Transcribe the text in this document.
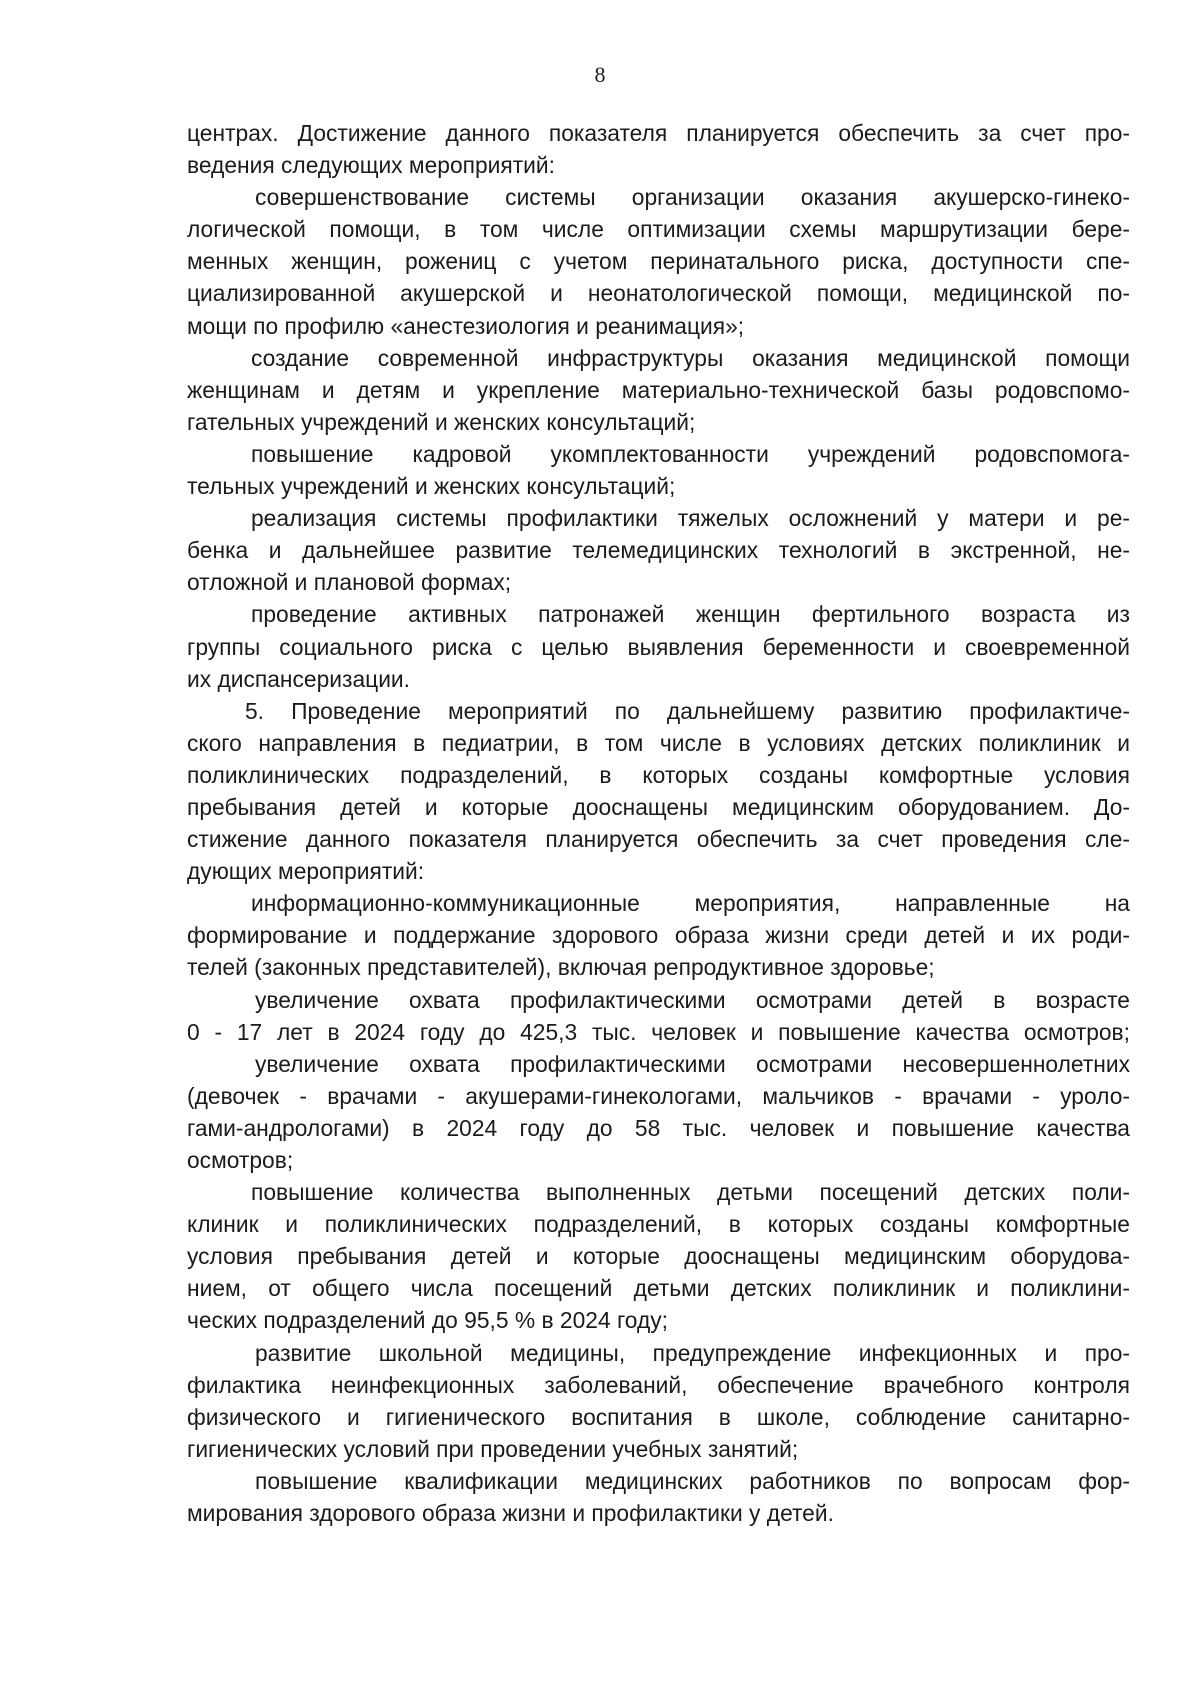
8
центрах. Достижение данного показателя планируется обеспечить за счет про-
ведения следующих мероприятий:
совершенствование системы организации оказания акушерско-гинеко-
логической помощи, в том числе оптимизации схемы маршрутизации бере-
менных женщин, рожениц с учетом перинатального риска, доступности спе-
циализированной акушерской и неонатологической помощи, медицинской по-
мощи по профилю «анестезиология и реанимация»;
создание современной инфраструктуры оказания медицинской помощи
женщинам и детям и укрепление материально-технической базы родовспомо-
гательных учреждений и женских консультаций;
повышение кадровой укомплектованности учреждений родовспомога-
тельных учреждений и женских консультаций;
реализация системы профилактики тяжелых осложнений у матери и ре-
бенка и дальнейшее развитие телемедицинских технологий в экстренной, не-
отложной и плановой формах;
проведение активных патронажей женщин фертильного возраста из
группы социального риска с целью выявления беременности и своевременной
их диспансеризации.
5. Проведение мероприятий по дальнейшему развитию профилактиче-
ского направления в педиатрии, в том числе в условиях детских поликлиник и
поликлинических подразделений, в которых созданы комфортные условия
пребывания детей и которые дооснащены медицинским оборудованием. До-
стижение данного показателя планируется обеспечить за счет проведения сле-
дующих мероприятий:
информационно-коммуникационные мероприятия, направленные на
формирование и поддержание здорового образа жизни среди детей и их роди-
телей (законных представителей), включая репродуктивное здоровье;
увеличение охвата профилактическими осмотрами детей в возрасте
0 - 17 лет в 2024 году до 425,3 тыс. человек и повышение качества осмотров;
увеличение охвата профилактическими осмотрами несовершеннолетних
(девочек - врачами - акушерами-гинекологами, мальчиков - врачами - уроло-
гами-андрологами) в 2024 году до 58 тыс. человек и повышение качества
осмотров;
повышение количества выполненных детьми посещений детских поли-
клиник и поликлинических подразделений, в которых созданы комфортные
условия пребывания детей и которые дооснащены медицинским оборудова-
нием, от общего числа посещений детьми детских поликлиник и поликлини-
ческих подразделений до 95,5 % в 2024 году;
развитие школьной медицины, предупреждение инфекционных и про-
филактика неинфекционных заболеваний, обеспечение врачебного контроля
физического и гигиенического воспитания в школе, соблюдение санитарно-
гигиенических условий при проведении учебных занятий;
повышение квалификации медицинских работников по вопросам фор-
мирования здорового образа жизни и профилактики у детей.
